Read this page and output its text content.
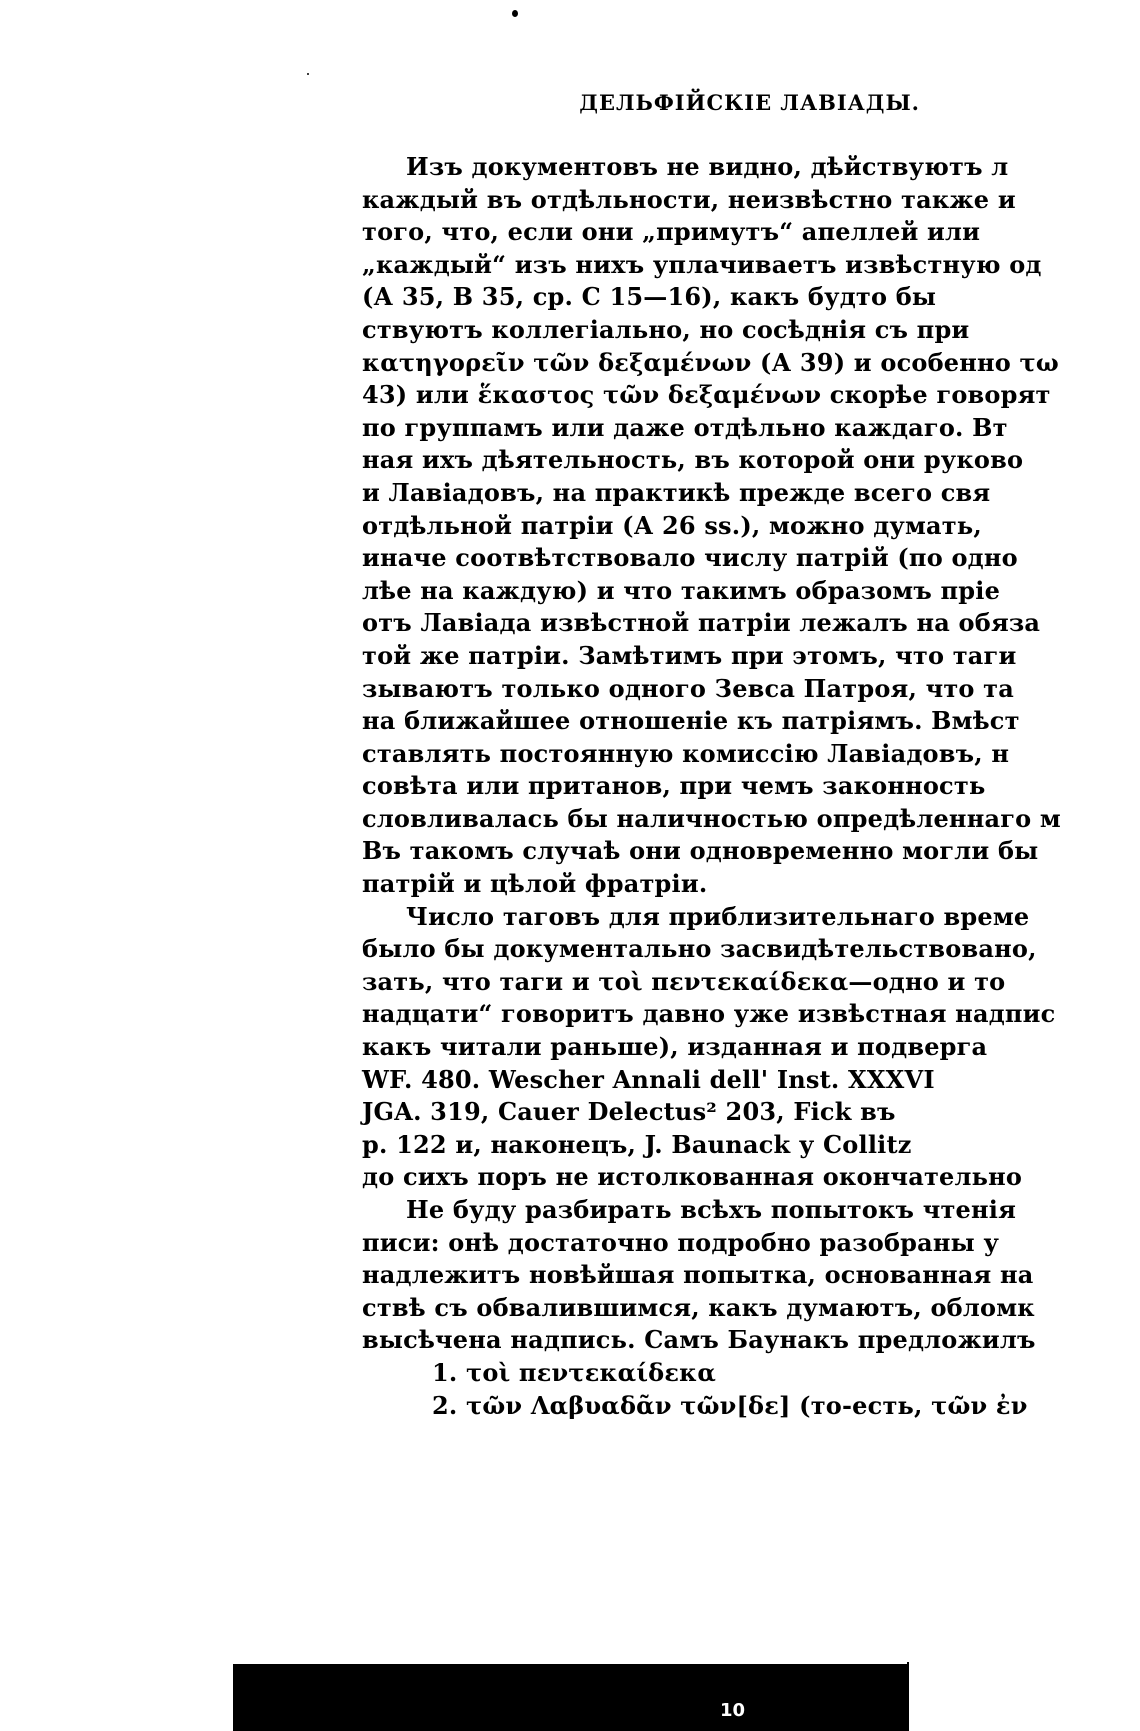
ДЕЛЬФІЙСКІЕ ЛАВІАДЫ.
Изъ документовъ не видно, дѣйствуютъ л
каждый въ отдѣльности, неизвѣстно также и
того, что, если они „примутъ“ апеллей или
„каждый“ изъ нихъ уплачиваетъ извѣстную од
(А 35, В 35, ср. С 15—16), какъ будто бы
ствуютъ коллегіально, но сосѣднія съ при
κατηγορεῖν τῶν δεξαμένων (А 39) и особенно τω
43) или ἕκαστος τῶν δεξαμένων скорѣе говорят
по группамъ или даже отдѣльно каждаго. Вт
ная ихъ дѣятельность, въ которой они руково
и Лавіадовъ, на практикѣ прежде всего свя
отдѣльной патріи (А 26 ss.), можно думать,
иначе соотвѣтствовало числу патрій (по одно
лѣе на каждую) и что такимъ образомъ пріе
отъ Лавіада извѣстной патріи лежалъ на обяза
той же патріи. Замѣтимъ при этомъ, что таги
зываютъ только одного Зевса Патроя, что та
на ближайшее отношеніе къ патріямъ. Вмѣст
ставлять постоянную комиссію Лавіадовъ, н
совѣта или пританов, при чемъ законность
словливалась бы наличностью опредѣленнаго м
Въ такомъ случаѣ они одновременно могли бы
патрій и цѣлой фратріи.
Число таговъ для приблизительнаго време
было бы документально засвидѣтельствовано,
зать, что таги и τοὶ πεντεκαίδεκα—одно и то
надцати“ говоритъ давно уже извѣстная надпис
какъ читали раньше), изданная и подверга
WF. 480. Wescher Annali dell' Inst. XXXVI
JGA. 319, Cauer Delectus² 203, Fick въ
p. 122 и, наконецъ, J. Baunack у Collitz
до сихъ поръ не истолкованная окончательно
Не буду разбирать всѣхъ попытокъ чтенія
писи: онѣ достаточно подробно разобраны у
надлежитъ новѣйшая попытка, основанная на
ствѣ съ обвалившимся, какъ думаютъ, обломк
высѣчена надпись. Самъ Баунакъ предложилъ
1. τοὶ πεντεκαίδεκα
2. τῶν Λαβυαδᾶν τῶν[δε] (то-есть, τῶν ἐν
10
